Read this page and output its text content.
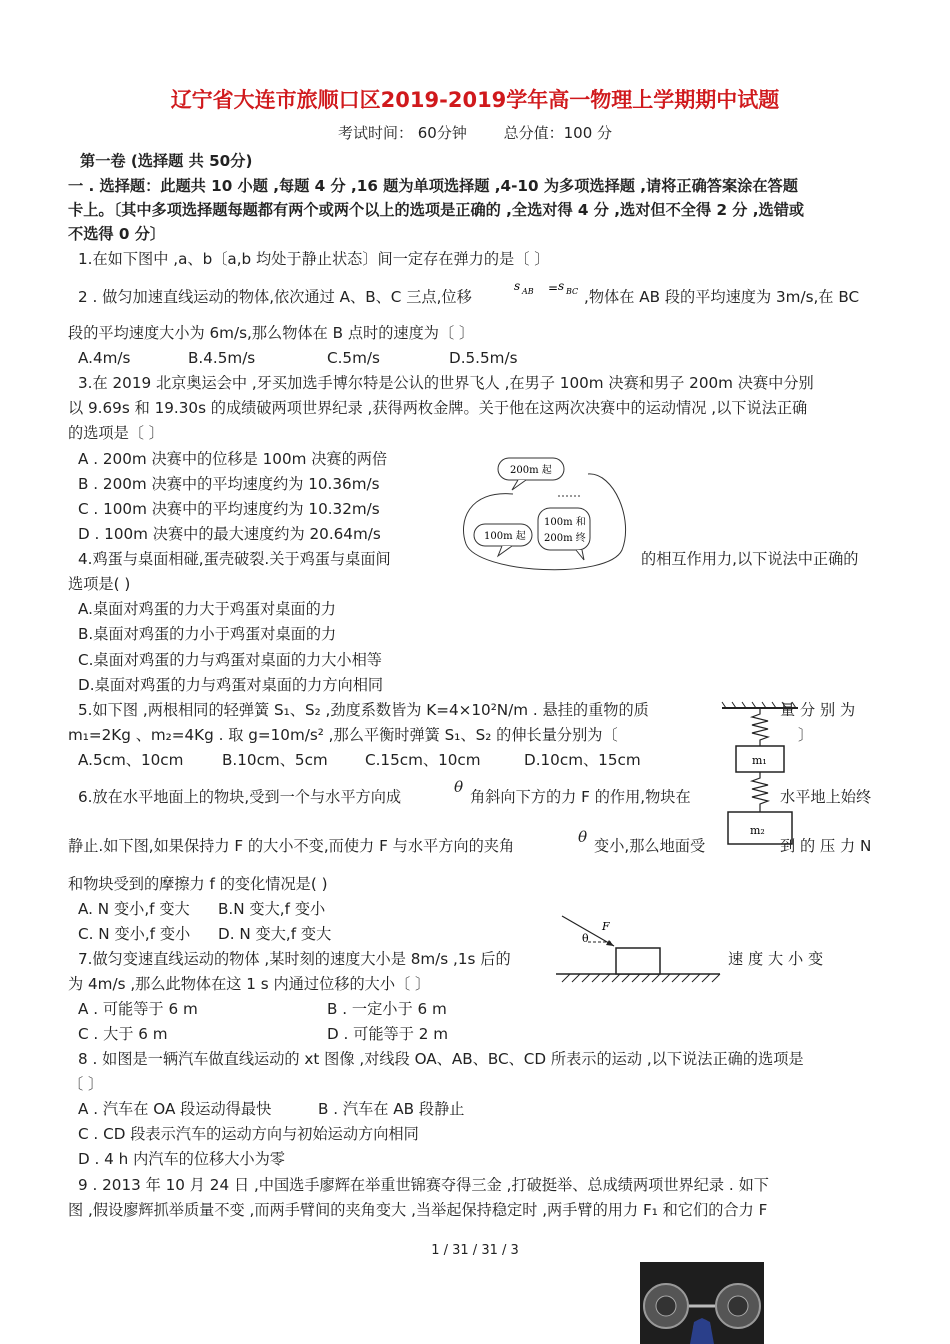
辽宁省大连市旅顺口区2019-2019学年高一物理上学期期中试题
考试时间： 60分钟 总分值：100 分
第一卷 (选择题 共 50分)
一 . 选择题：此题共 10 小题 ,每题 4 分 ,16 题为单项选择题 ,4-10 为多项选择题 ,请将正确答案涂在答题
卡上。〔其中多项选择题每题都有两个或两个以上的选项是正确的 ,全选对得 4 分 ,选对但不全得 2 分 ,选错或
不选得 0 分〕
1.在如下图中 ,a、b〔a,b 均处于静止状态〕间一定存在弹力的是〔 〕
2 . 做匀加速直线运动的物体,依次通过 A、B、C 三点,位移
s AB = s BC ,物体在 AB 段的平均速度为 3m/s,在 BC
段的平均速度大小为 6m/s,那么物体在 B 点时的速度为〔 〕
A.4m/s	B.4.5m/s	C.5m/s	D.5.5m/s
3.在 2019 北京奥运会中 ,牙买加选手博尔特是公认的世界飞人 ,在男子 100m 决赛和男子 200m 决赛中分别
以 9.69s 和 19.30s 的成绩破两项世界纪录 ,获得两枚金牌。关于他在这两次决赛中的运动情况 ,以下说法正确
的选项是〔 〕
A . 200m 决赛中的位移是 100m 决赛的两倍
B . 200m 决赛中的平均速度约为 10.36m/s
C . 100m 决赛中的平均速度约为 10.32m/s
D . 100m 决赛中的最大速度约为 20.64m/s
200m 起
100m 起
100m 和
200m 终
4.鸡蛋与桌面相碰,蛋壳破裂.关于鸡蛋与桌面间	的相互作用力,以下说法中正确的
选项是( )
A.桌面对鸡蛋的力大于鸡蛋对桌面的力
B.桌面对鸡蛋的力小于鸡蛋对桌面的力
C.桌面对鸡蛋的力与鸡蛋对桌面的力大小相等
D.桌面对鸡蛋的力与鸡蛋对桌面的力方向相同
5.如下图 ,两根相同的轻弹簧 S₁、S₂ ,劲度系数皆为 K=4×10²N/m . 悬挂的重物的质	量 分 别 为
m₁=2Kg 、m₂=4Kg . 取 g=10m/s² ,那么平衡时弹簧 S₁、S₂ 的伸长量分别为〔	〕
A.5cm、10cm	B.10cm、5cm C.15cm、10cm	D.10cm、15cm	m₁
m₂
6.放在水平地面上的物块,受到一个与水平方向成
θ
角斜向下方的力 F 的作用,物块在	水平地上始终
静止.如下图,如果保持力 F 的大小不变,而使力 F 与水平方向的夹角	θ 变小,那么地面受	到 的 压 力 N
和物块受到的摩擦力 f 的变化情况是( )
A. N 变小,f 变大 B.N 变大,f 变小
C. N 变小,f 变小 D. N 变大,f 变大	θ
F
7.做匀变速直线运动的物体 ,某时刻的速度大小是 8m/s ,1s 后的	速 度 大 小 变
为 4m/s ,那么此物体在这 1 s 内通过位移的大小〔 〕
A . 可能等于 6 m	B . 一定小于 6 m
C . 大于 6 m	D . 可能等于 2 m
8 . 如图是一辆汽车做直线运动的 xt 图像 ,对线段 OA、AB、BC、CD 所表示的运动 ,以下说法正确的选项是
〔 〕
A . 汽车在 OA 段运动得最快	B . 汽车在 AB 段静止
C . CD 段表示汽车的运动方向与初始运动方向相同
D . 4 h 内汽车的位移大小为零
9 . 2013 年 10 月 24 日 ,中国选手廖辉在举重世锦赛夺得三金 ,打破挺举、总成绩两项世界纪录 . 如下
图 ,假设廖辉抓举质量不变 ,而两手臂间的夹角变大 ,当举起保持稳定时 ,两手臂的用力 F₁ 和它们的合力 F
1 / 31 / 31 / 3
